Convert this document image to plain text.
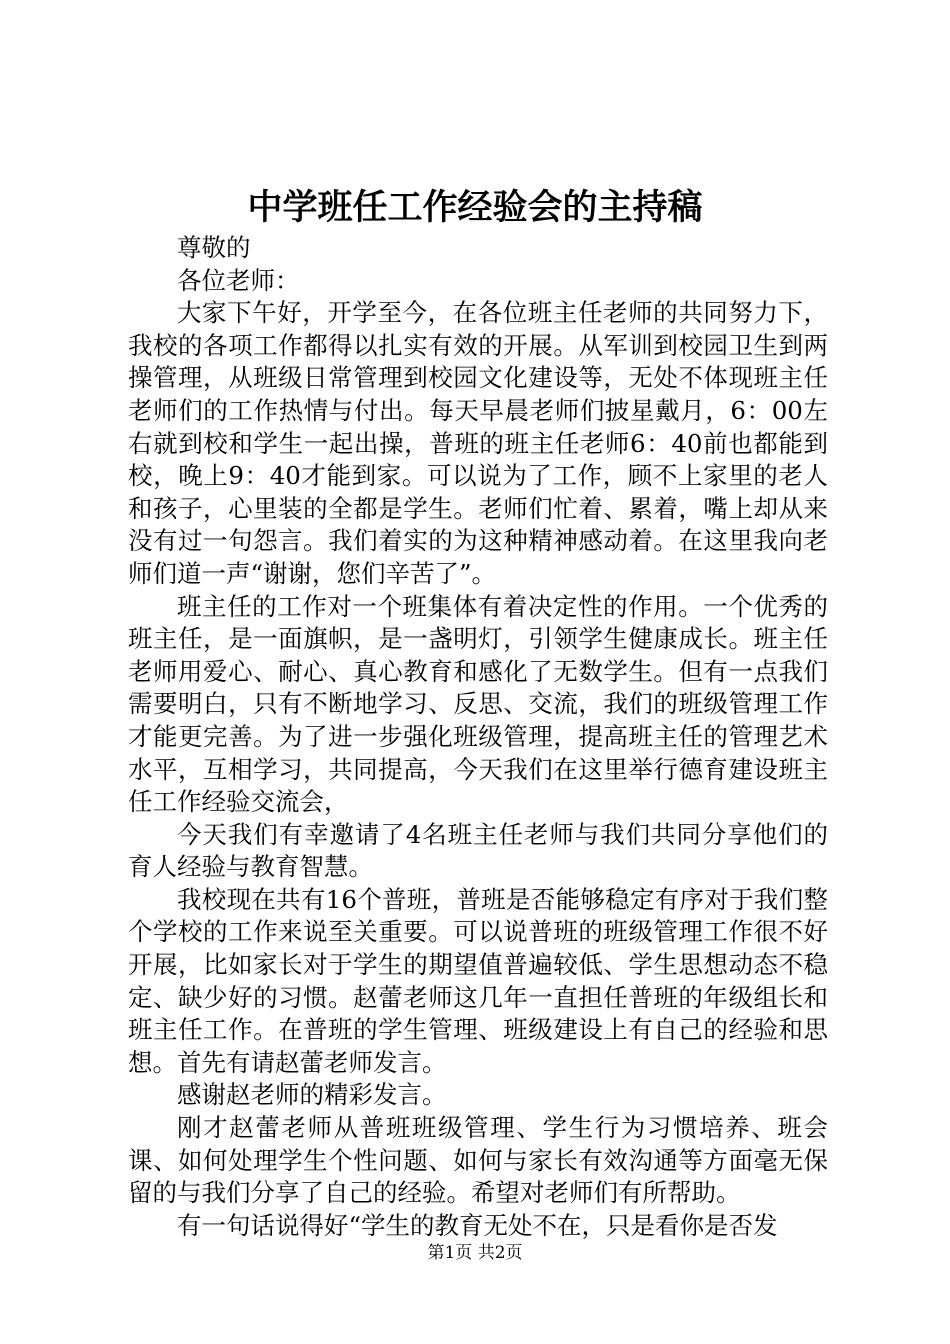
中学班任工作经验会的主持稿

尊敬的

各位老师：

大家下午好，开学至今，在各位班主任老师的共同努力下，我校的各项工作都得以扎实有效的开展。从军训到校园卫生到两操管理，从班级日常管理到校园文化建设等，无处不体现班主任老师们的工作热情与付出。每天早晨老师们披星戴月，6：00左右就到校和学生一起出操，普班的班主任老师6：40前也都能到校，晚上9：40才能到家。可以说为了工作，顾不上家里的老人和孩子，心里装的全都是学生。老师们忙着、累着，嘴上却从来没有过一句怨言。我们着实的为这种精神感动着。在这里我向老师们道一声“谢谢，您们辛苦了”。

班主任的工作对一个班集体有着决定性的作用。一个优秀的班主任，是一面旗帜，是一盏明灯，引领学生健康成长。班主任老师用爱心、耐心、真心教育和感化了无数学生。但有一点我们需要明白，只有不断地学习、反思、交流，我们的班级管理工作才能更完善。为了进一步强化班级管理，提高班主任的管理艺术水平，互相学习，共同提高，今天我们在这里举行德育建设班主任工作经验交流会，

今天我们有幸邀请了4名班主任老师与我们共同分享他们的育人经验与教育智慧。

我校现在共有16个普班，普班是否能够稳定有序对于我们整个学校的工作来说至关重要。可以说普班的班级管理工作很不好开展，比如家长对于学生的期望值普遍较低、学生思想动态不稳定、缺少好的习惯。赵蕾老师这几年一直担任普班的年级组长和班主任工作。在普班的学生管理、班级建设上有自己的经验和思想。首先有请赵蕾老师发言。

感谢赵老师的精彩发言。

刚才赵蕾老师从普班班级管理、学生行为习惯培养、班会课、如何处理学生个性问题、如何与家长有效沟通等方面毫无保留的与我们分享了自己的经验。希望对老师们有所帮助。

有一句话说得好“学生的教育无处不在，只是看你是否发

第1页 共2页
